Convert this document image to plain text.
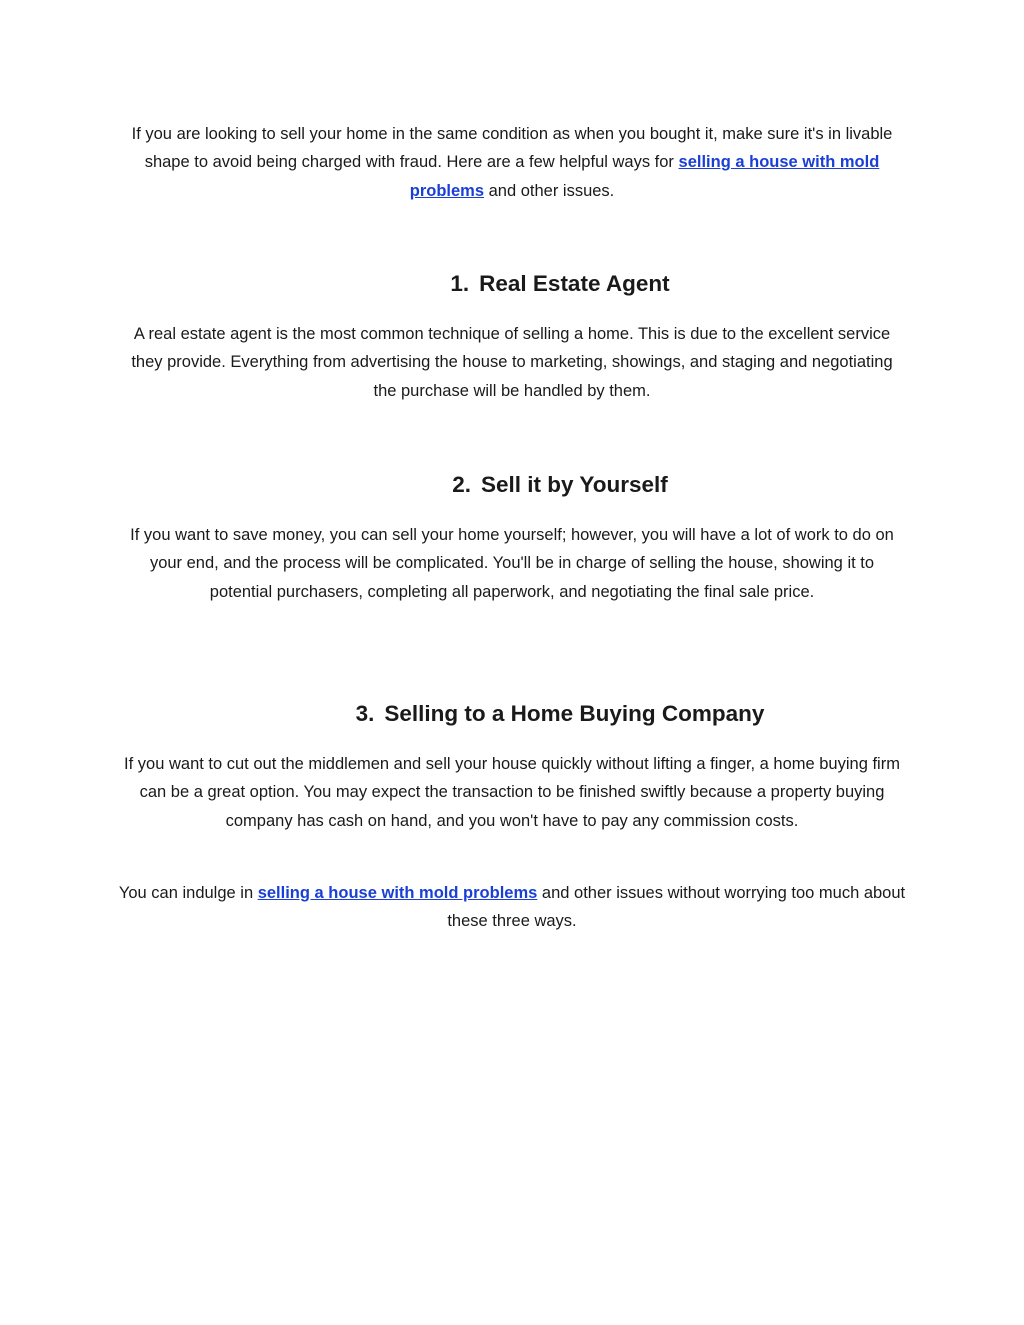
If you are looking to sell your home in the same condition as when you bought it, make sure it's in livable shape to avoid being charged with fraud. Here are a few helpful ways for selling a house with mold problems and other issues.

1. Real Estate Agent

A real estate agent is the most common technique of selling a home. This is due to the excellent service they provide. Everything from advertising the house to marketing, showings, and staging and negotiating the purchase will be handled by them.

2. Sell it by Yourself

If you want to save money, you can sell your home yourself; however, you will have a lot of work to do on your end, and the process will be complicated. You'll be in charge of selling the house, showing it to potential purchasers, completing all paperwork, and negotiating the final sale price.

3. Selling to a Home Buying Company

If you want to cut out the middlemen and sell your house quickly without lifting a finger, a home buying firm can be a great option. You may expect the transaction to be finished swiftly because a property buying company has cash on hand, and you won't have to pay any commission costs.

You can indulge in selling a house with mold problems and other issues without worrying too much about these three ways.
